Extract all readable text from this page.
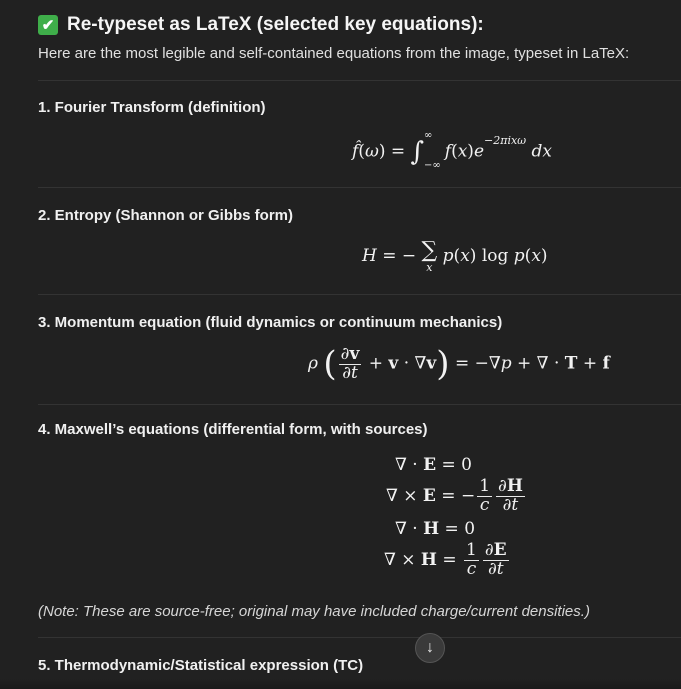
✔ Re-typeset as LaTeX (selected key equations):
Here are the most legible and self-contained equations from the image, typeset in LaTeX:
1. Fourier Transform (definition)
f̂(ω) = ∫
∞
−∞
$f(x)e^{-2\pi ix\omega}$ dx
2. Entropy (Shannon or Gibbs form)
H = − ∑
x
p(x) log p(x)
3. Momentum equation (fluid dynamics or continuum mechanics)
ρ ( $\frac{\partial v}{\partial t} + v \cdot \nabla v) = -\nabla p$ + ∇ · T + f
4. Maxwell’s equations (differential form, with sources)
∇ · E = 0
∇ × E = − $\frac{1}{c} \frac{\partial H}{\partial t}$
∇ · H = 0
∇ × $H = \frac{1}{c} \frac{\partial E}{\partial t}$
(Note: These are source-free; original may have included charge/current densities.)
5. Thermodynamic/Statistical expression (TC)
↓
